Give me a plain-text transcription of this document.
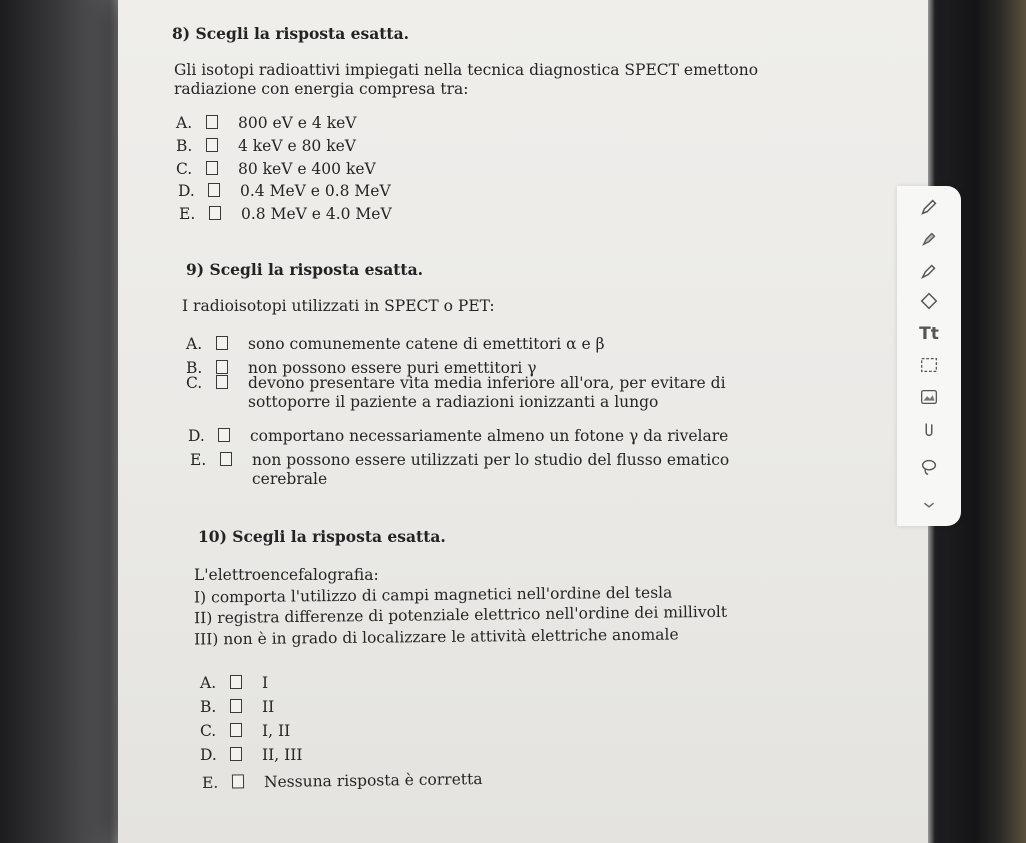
8) Scegli la risposta esatta.
Gli isotopi radioattivi impiegati nella tecnica diagnostica SPECT emettono
radiazione con energia compresa tra:
A.	800 eV e 4 keV
B.	4 keV e 80 keV
C.	80 keV e 400 keV
D.	0.4 MeV e 0.8 MeV
E.	0.8 MeV e 4.0 MeV
9) Scegli la risposta esatta.
I radioisotopi utilizzati in SPECT o PET:
A.	sono comunemente catene di emettitori α e β
B.	non possono essere puri emettitori γ
C.	devono presentare vita media inferiore all'ora, per evitare di sottoporre il paziente a radiazioni ionizzanti a lungo
D.	comportano necessariamente almeno un fotone γ da rivelare
E.	non possono essere utilizzati per lo studio del flusso ematico cerebrale
10) Scegli la risposta esatta.
L'elettroencefalografia:
I) comporta l'utilizzo di campi magnetici nell'ordine del tesla
II) registra differenze di potenziale elettrico nell'ordine dei millivolt
III) non è in grado di localizzare le attività elettriche anomale
A.	I
B.	II
C.	I, II
D.	II, III
E.	Nessuna risposta è corretta
Tt
